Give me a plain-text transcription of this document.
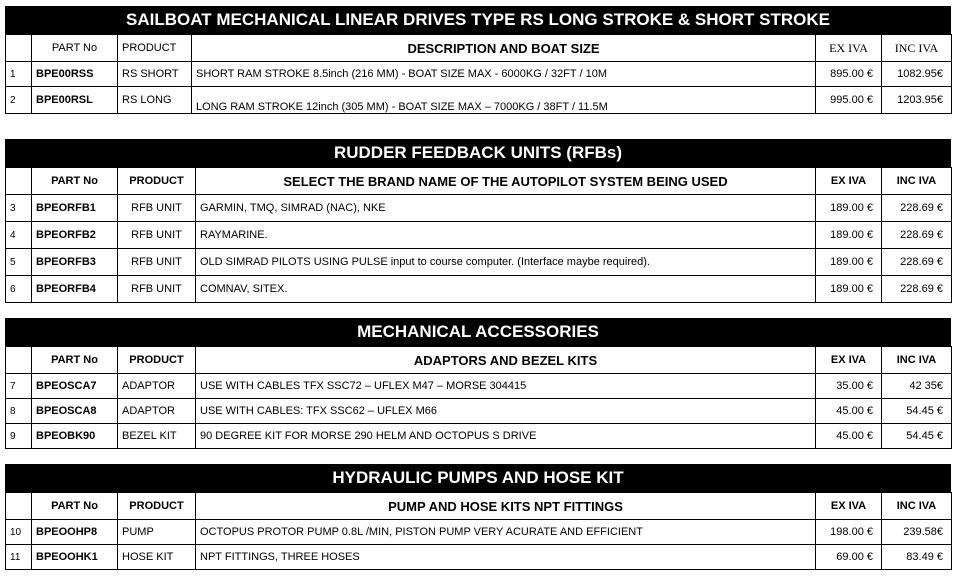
SAILBOAT MECHANICAL LINEAR DRIVES TYPE RS LONG STROKE & SHORT STROKE
	PART No	PRODUCT	DESCRIPTION AND BOAT SIZE	EX IVA	INC IVA
1	BPE00RSS	RS SHORT	SHORT RAM STROKE 8.5inch (216 MM) - BOAT SIZE MAX - 6000KG / 32FT / 10M	895.00 €	1082.95€
2	BPE00RSL	RS LONG	LONG RAM STROKE 12inch (305 MM) - BOAT SIZE MAX – 7000KG / 38FT / 11.5M	995.00 €	1203.95€
RUDDER FEEDBACK UNITS (RFBs)
	PART No	PRODUCT	SELECT THE BRAND NAME OF THE AUTOPILOT SYSTEM BEING USED	EX IVA	INC IVA
3	BPEORFB1	RFB UNIT	GARMIN, TMQ, SIMRAD (NAC), NKE	189.00 €	228.69 €
4	BPEORFB2	RFB UNIT	RAYMARINE.	189.00 €	228.69 €
5	BPEORFB3	RFB UNIT	OLD SIMRAD PILOTS USING PULSE input to course computer. (Interface maybe required).	189.00 €	228.69 €
6	BPEORFB4	RFB UNIT	COMNAV, SITEX.	189.00 €	228.69 €
MECHANICAL ACCESSORIES
	PART No	PRODUCT	ADAPTORS AND BEZEL KITS	EX IVA	INC IVA
7	BPEOSCA7	ADAPTOR	USE WITH CABLES TFX SSC72 – UFLEX M47 – MORSE 304415	35.00 €	42 35€
8	BPEOSCA8	ADAPTOR	USE WITH CABLES: TFX SSC62 – UFLEX M66	45.00 €	54.45 €
9	BPEOBK90	BEZEL KIT	90 DEGREE KIT FOR MORSE 290 HELM AND OCTOPUS S DRIVE	45.00 €	54.45 €
HYDRAULIC PUMPS AND HOSE KIT
	PART No	PRODUCT	PUMP AND HOSE KITS NPT FITTINGS	EX IVA	INC IVA
10	BPEOOHP8	PUMP	OCTOPUS PROTOR PUMP 0.8L /MIN, PISTON PUMP VERY ACURATE AND EFFICIENT	198.00 €	239.58€
11	BPEOOHK1	HOSE KIT	NPT FITTINGS, THREE HOSES	69.00 €	83.49 €
